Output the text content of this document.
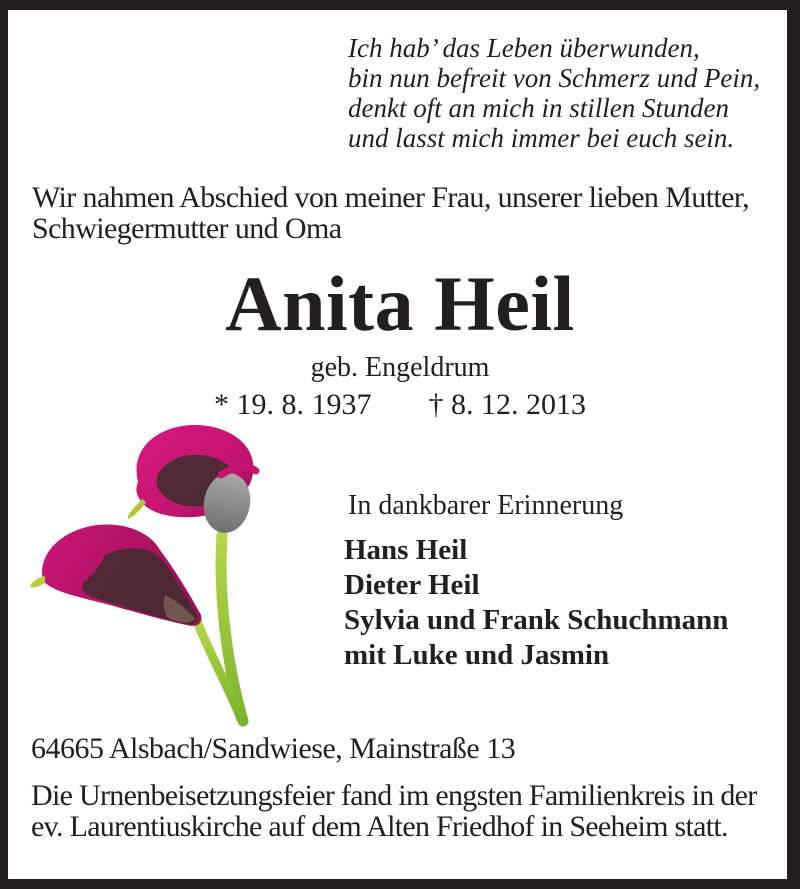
Ich hab’ das Leben überwunden,
bin nun befreit von Schmerz und Pein,
denkt oft an mich in stillen Stunden
und lasst mich immer bei euch sein.
Wir nahmen Abschied von meiner Frau, unserer lieben Mutter,
Schwiegermutter und Oma
Anita Heil
geb. Engeldrum
* 19. 8. 1937 † 8. 12. 2013
In dankbarer Erinnerung
Hans Heil
Dieter Heil
Sylvia und Frank Schuchmann
mit Luke und Jasmin
64665 Alsbach/Sandwiese, Mainstraße 13
Die Urnenbeisetzungsfeier fand im engsten Familienkreis in der
ev. Laurentiuskirche auf dem Alten Friedhof in Seeheim statt.
